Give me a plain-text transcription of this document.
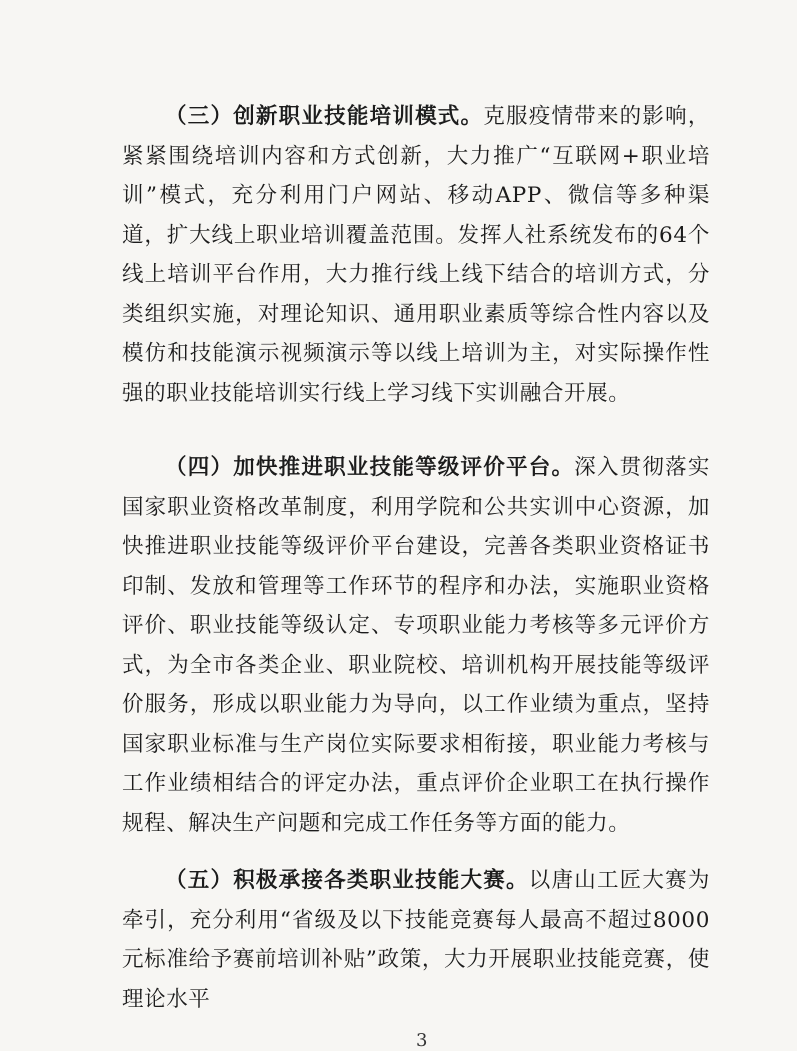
（三）创新职业技能培训模式。克服疫情带来的影响，紧紧围绕培训内容和方式创新，大力推广“互联网+职业培训”模式，充分利用门户网站、移动APP、微信等多种渠道，扩大线上职业培训覆盖范围。发挥人社系统发布的64个线上培训平台作用，大力推行线上线下结合的培训方式，分类组织实施，对理论知识、通用职业素质等综合性内容以及模仿和技能演示视频演示等以线上培训为主，对实际操作性强的职业技能培训实行线上学习线下实训融合开展。

（四）加快推进职业技能等级评价平台。深入贯彻落实国家职业资格改革制度，利用学院和公共实训中心资源，加快推进职业技能等级评价平台建设，完善各类职业资格证书印制、发放和管理等工作环节的程序和办法，实施职业资格评价、职业技能等级认定、专项职业能力考核等多元评价方式，为全市各类企业、职业院校、培训机构开展技能等级评价服务，形成以职业能力为导向，以工作业绩为重点，坚持国家职业标准与生产岗位实际要求相衔接，职业能力考核与工作业绩相结合的评定办法，重点评价企业职工在执行操作规程、解决生产问题和完成工作任务等方面的能力。

（五）积极承接各类职业技能大赛。以唐山工匠大赛为牵引，充分利用“省级及以下技能竞赛每人最高不超过8000元标准给予赛前培训补贴”政策，大力开展职业技能竞赛，使理论水平

3
